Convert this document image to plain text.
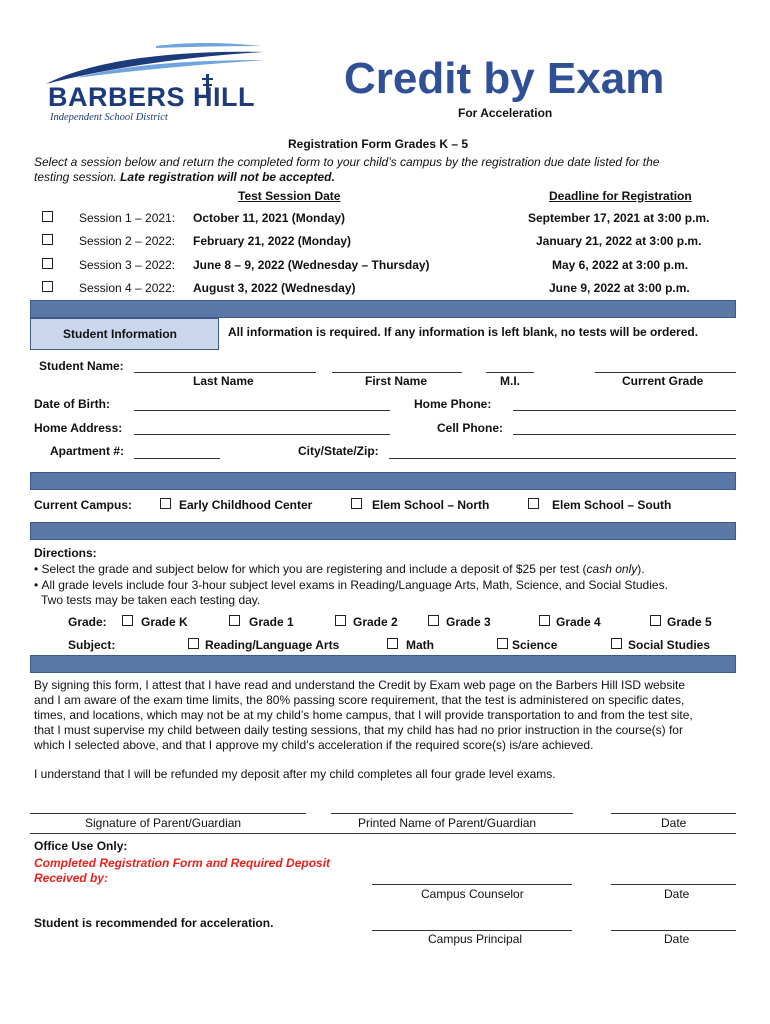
BARBERS HILL
Independent School District
Credit by Exam
For Acceleration
Registration Form Grades K – 5
Select a session below and return the completed form to your child’s campus by the registration due date listed for the
testing session. Late registration will not be accepted.
Test Session Date	Deadline for Registration
Session 1 – 2021: October 11, 2021 (Monday)	September 17, 2021 at 3:00 p.m.
Session 2 – 2022: February 21, 2022 (Monday)	January 21, 2022 at 3:00 p.m.
Session 3 – 2022: June 8 – 9, 2022 (Wednesday – Thursday)	May 6, 2022 at 3:00 p.m.
Session 4 – 2022: August 3, 2022 (Wednesday)	June 9, 2022 at 3:00 p.m.
Student Information	All information is required. If any information is left blank, no tests will be ordered.
Student Name:
Last Name	First Name	M.I.	Current Grade
Date of Birth:	Home Phone:
Home Address:	Cell Phone:
Apartment #:	City/State/Zip:
Current Campus:	Early Childhood Center	Elem School – North	Elem School – South
Directions:
• Select the grade and subject below for which you are registering and include a deposit of $25 per test (cash only).
• All grade levels include four 3-hour subject level exams in Reading/Language Arts, Math, Science, and Social Studies.
Two tests may be taken each testing day.
Grade:	Grade K	Grade 1	Grade 2	Grade 3	Grade 4	Grade 5
Subject:	Reading/Language Arts	Math	Science	Social Studies
By signing this form, I attest that I have read and understand the Credit by Exam web page on the Barbers Hill ISD website
and I am aware of the exam time limits, the 80% passing score requirement, that the test is administered on specific dates,
times, and locations, which may not be at my child’s home campus, that I will provide transportation to and from the test site,
that I must supervise my child between daily testing sessions, that my child has had no prior instruction in the course(s) for
which I selected above, and that I approve my child’s acceleration if the required score(s) is/are achieved.
I understand that I will be refunded my deposit after my child completes all four grade level exams.
Signature of Parent/Guardian	Printed Name of Parent/Guardian	Date
Office Use Only:
Completed Registration Form and Required Deposit
Received by:
Campus Counselor	Date
Student is recommended for acceleration.
Campus Principal	Date
